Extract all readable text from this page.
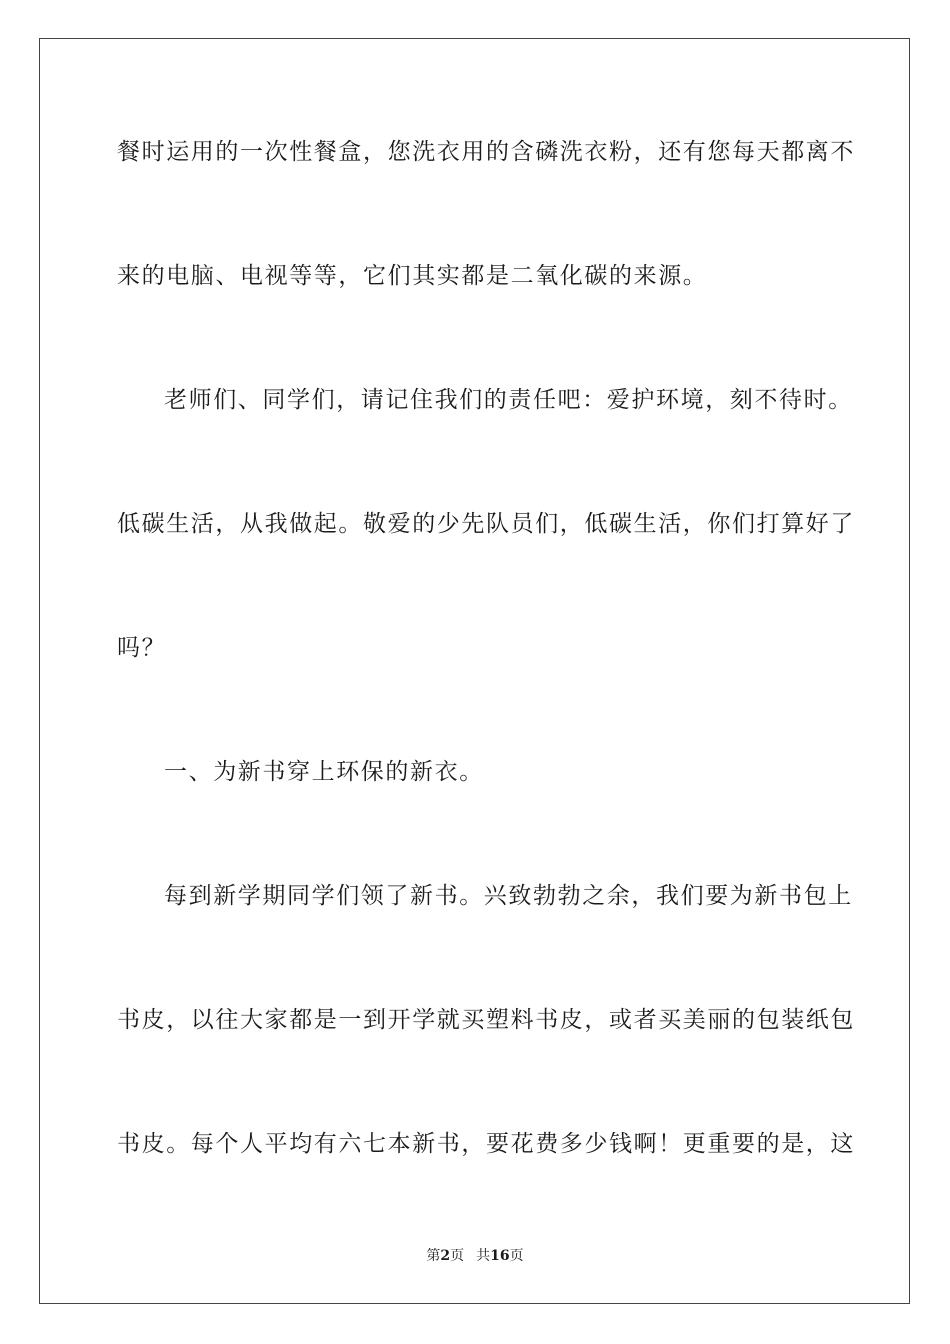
餐时运用的一次性餐盒，您洗衣用的含磷洗衣粉，还有您每天都离不

来的电脑、电视等等，它们其实都是二氧化碳的来源。

老师们、同学们，请记住我们的责任吧：爱护环境，刻不待时。

低碳生活，从我做起。敬爱的少先队员们，低碳生活，你们打算好了

吗？

一、为新书穿上环保的新衣。

每到新学期同学们领了新书。兴致勃勃之余，我们要为新书包上

书皮，以往大家都是一到开学就买塑料书皮，或者买美丽的包装纸包

书皮。每个人平均有六七本新书，要花费多少钱啊！更重要的是，这

第2页 共16页
